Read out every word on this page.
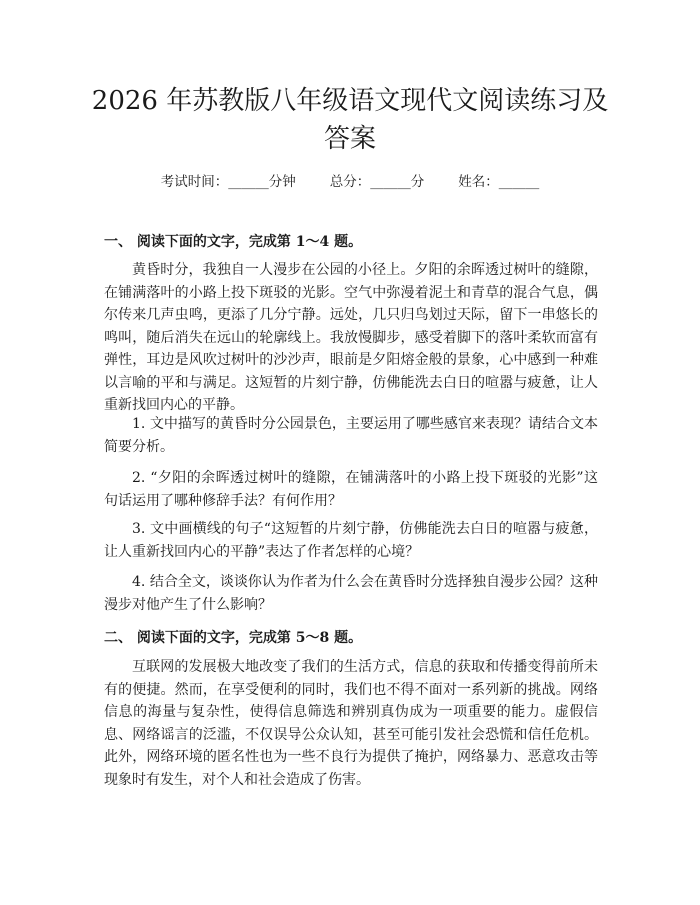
2026 年苏教版八年级语文现代文阅读练习及答案
考试时间：______分钟	总分：______分	姓名：______
一、 阅读下面的文字，完成第 1～4 题。

黄昏时分，我独自一人漫步在公园的小径上。夕阳的余晖透过树叶的缝隙，在铺满落叶的小路上投下斑驳的光影。空气中弥漫着泥土和青草的混合气息，偶尔传来几声虫鸣，更添了几分宁静。远处，几只归鸟划过天际，留下一串悠长的鸣叫，随后消失在远山的轮廓线上。我放慢脚步，感受着脚下的落叶柔软而富有弹性，耳边是风吹过树叶的沙沙声，眼前是夕阳熔金般的景象，心中感到一种难以言喻的平和与满足。这短暂的片刻宁静，仿佛能洗去白日的喧嚣与疲惫，让人重新找回内心的平静。

1. 文中描写的黄昏时分公园景色，主要运用了哪些感官来表现？请结合文本简要分析。

2. “夕阳的余晖透过树叶的缝隙，在铺满落叶的小路上投下斑驳的光影”这句话运用了哪种修辞手法？有何作用？

3. 文中画横线的句子“这短暂的片刻宁静，仿佛能洗去白日的喧嚣与疲惫，让人重新找回内心的平静”表达了作者怎样的心境？

4. 结合全文，谈谈你认为作者为什么会在黄昏时分选择独自漫步公园？这种漫步对他产生了什么影响？

二、 阅读下面的文字，完成第 5～8 题。

互联网的发展极大地改变了我们的生活方式，信息的获取和传播变得前所未有的便捷。然而，在享受便利的同时，我们也不得不面对一系列新的挑战。网络信息的海量与复杂性，使得信息筛选和辨别真伪成为一项重要的能力。虚假信息、网络谣言的泛滥，不仅误导公众认知，甚至可能引发社会恐慌和信任危机。此外，网络环境的匿名性也为一些不良行为提供了掩护，网络暴力、恶意攻击等现象时有发生，对个人和社会造成了伤害。
